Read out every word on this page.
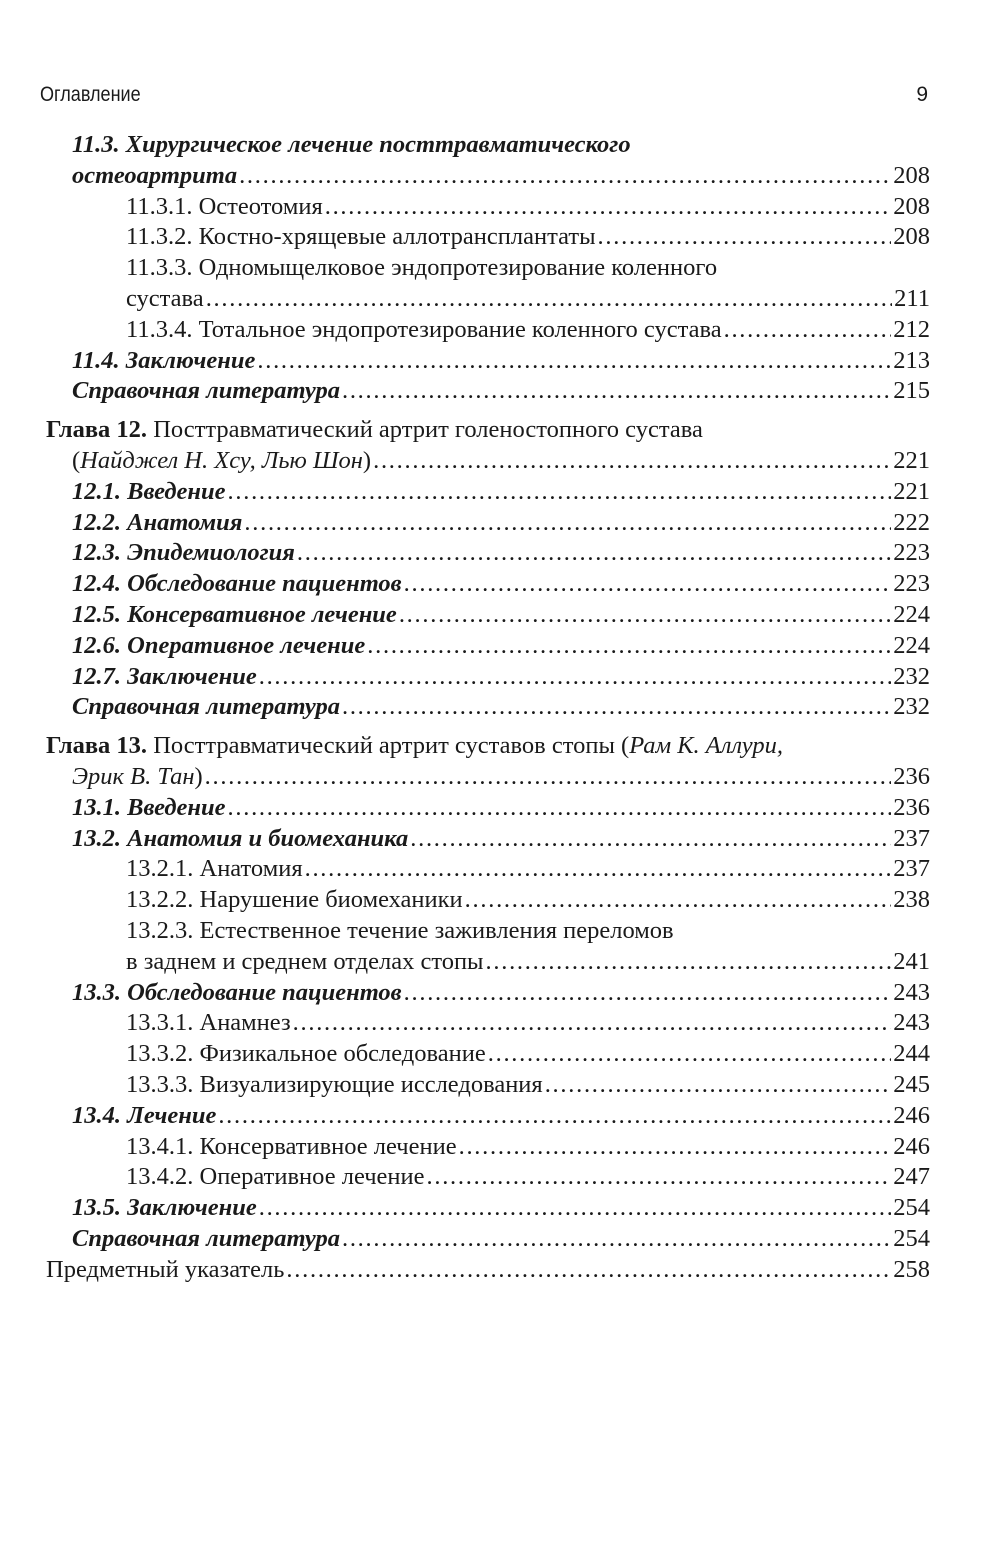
Оглавление	9
11.3. Хирургическое лечение посттравматического
остеоартрита . . .	208
11.3.1. Остеотомия . . .	208
11.3.2. Костно-хрящевые аллотрансплантаты . . .	208
11.3.3. Одномыщелковое эндопротезирование коленного
сустава . . .	211
11.3.4. Тотальное эндопротезирование коленного сустава . . .	212
11.4. Заключение . . .	213
Справочная литература . . .	215
Глава 12. Посттравматический артрит голеностопного сустава
(Найджел Н. Хсу, Лью Шон) . . .	221
12.1. Введение . . .	221
12.2. Анатомия . . .	222
12.3. Эпидемиология . . .	223
12.4. Обследование пациентов . . .	223
12.5. Консервативное лечение . . .	224
12.6. Оперативное лечение . . .	224
12.7. Заключение . . .	232
Справочная литература . . .	232
Глава 13. Посттравматический артрит суставов стопы (Рам К. Аллури,
Эрик В. Тан) . . .	236
13.1. Введение . . .	236
13.2. Анатомия и биомеханика . . .	237
13.2.1. Анатомия . . .	237
13.2.2. Нарушение биомеханики . . .	238
13.2.3. Естественное течение заживления переломов
в заднем и среднем отделах стопы . . .	241
13.3. Обследование пациентов . . .	243
13.3.1. Анамнез . . .	243
13.3.2. Физикальное обследование . . .	244
13.3.3. Визуализирующие исследования . . .	245
13.4. Лечение . . .	246
13.4.1. Консервативное лечение . . .	246
13.4.2. Оперативное лечение . . .	247
13.5. Заключение . . .	254
Справочная литература . . .	254
Предметный указатель . . .	258
